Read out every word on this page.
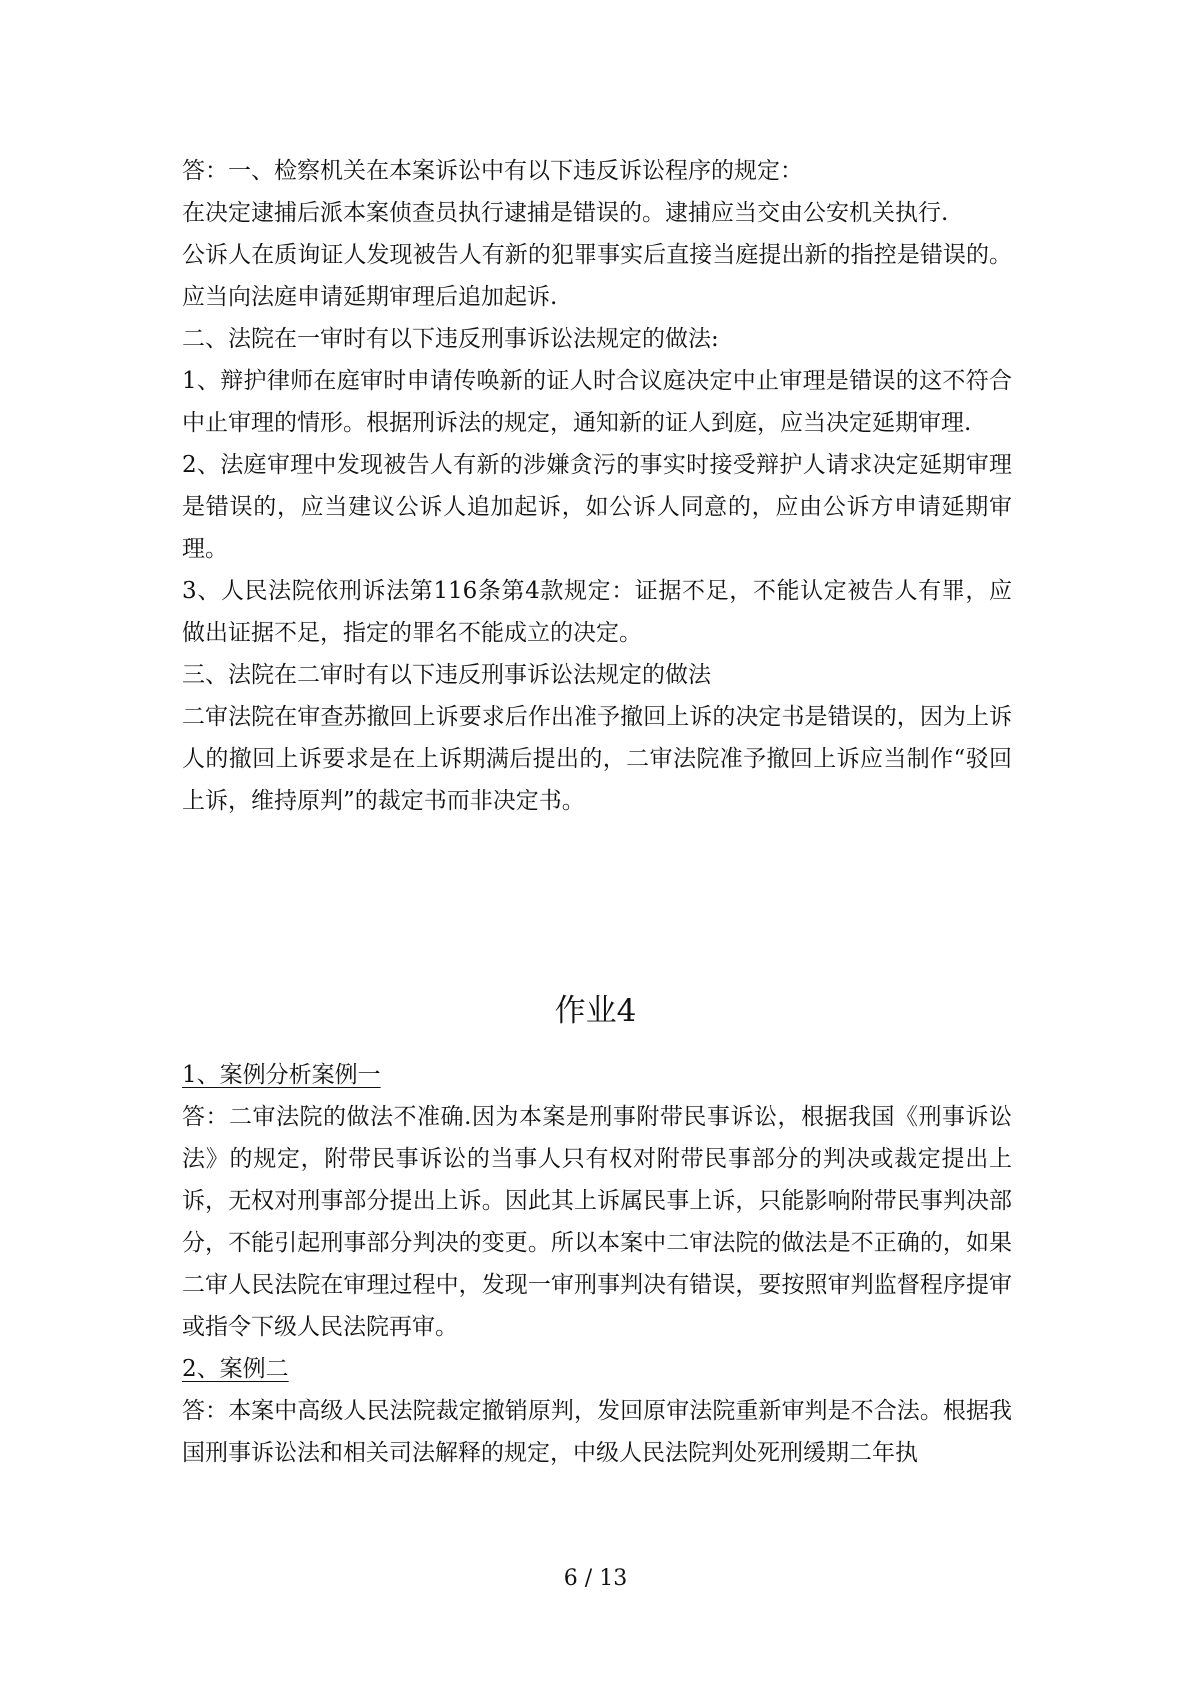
答：一、检察机关在本案诉讼中有以下违反诉讼程序的规定：

在决定逮捕后派本案侦查员执行逮捕是错误的。逮捕应当交由公安机关执行.

公诉人在质询证人发现被告人有新的犯罪事实后直接当庭提出新的指控是错误的。应当向法庭申请延期审理后追加起诉.

二、法院在一审时有以下违反刑事诉讼法规定的做法:

1、辩护律师在庭审时申请传唤新的证人时合议庭决定中止审理是错误的这不符合中止审理的情形。根据刑诉法的规定，通知新的证人到庭，应当决定延期审理.

2、法庭审理中发现被告人有新的涉嫌贪污的事实时接受辩护人请求决定延期审理是错误的，应当建议公诉人追加起诉，如公诉人同意的，应由公诉方申请延期审理。

3、人民法院依刑诉法第116条第4款规定：证据不足，不能认定被告人有罪，应做出证据不足，指定的罪名不能成立的决定。

三、法院在二审时有以下违反刑事诉讼法规定的做法

二审法院在审查苏撤回上诉要求后作出准予撤回上诉的决定书是错误的，因为上诉人的撤回上诉要求是在上诉期满后提出的，二审法院准予撤回上诉应当制作“驳回上诉，维持原判”的裁定书而非决定书。

作业4

1、案例分析案例一

答：二审法院的做法不准确.因为本案是刑事附带民事诉讼，根据我国《刑事诉讼法》的规定，附带民事诉讼的当事人只有权对附带民事部分的判决或裁定提出上诉，无权对刑事部分提出上诉。因此其上诉属民事上诉，只能影响附带民事判决部分，不能引起刑事部分判决的变更。所以本案中二审法院的做法是不正确的，如果二审人民法院在审理过程中，发现一审刑事判决有错误，要按照审判监督程序提审或指令下级人民法院再审。

2、案例二

答：本案中高级人民法院裁定撤销原判，发回原审法院重新审判是不合法。根据我国刑事诉讼法和相关司法解释的规定，中级人民法院判处死刑缓期二年执

6 / 13
